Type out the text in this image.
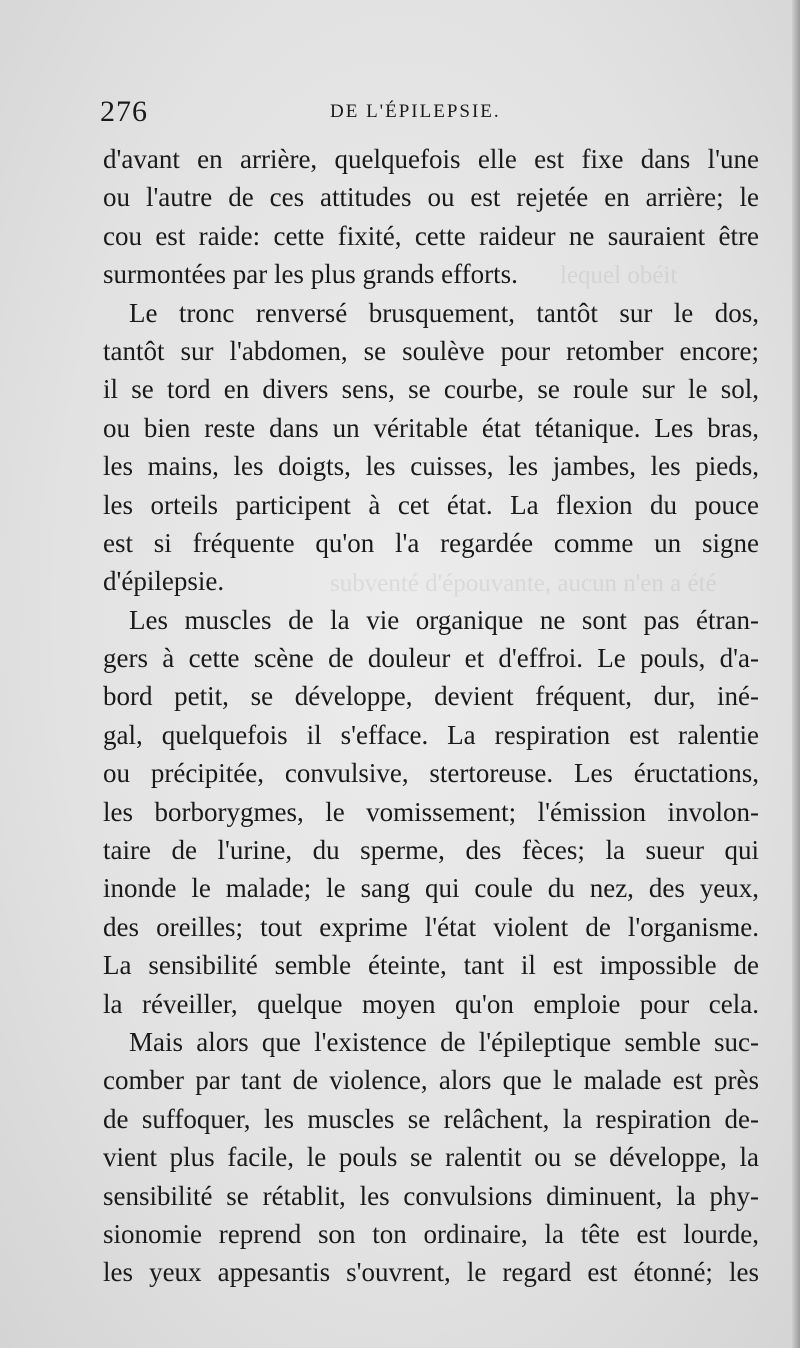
lequel obéit
subventé d'épouvante, aucun n'en a été
276	DE L'ÉPILEPSIE.
d'avant en arrière, quelquefois elle est fixe dans l'une
ou l'autre de ces attitudes ou est rejetée en arrière; le
cou est raide: cette fixité, cette raideur ne sauraient être
surmontées par les plus grands efforts.
Le tronc renversé brusquement, tantôt sur le dos,
tantôt sur l'abdomen, se soulève pour retomber encore;
il se tord en divers sens, se courbe, se roule sur le sol,
ou bien reste dans un véritable état tétanique. Les bras,
les mains, les doigts, les cuisses, les jambes, les pieds,
les orteils participent à cet état. La flexion du pouce
est si fréquente qu'on l'a regardée comme un signe
d'épilepsie.
Les muscles de la vie organique ne sont pas étran-
gers à cette scène de douleur et d'effroi. Le pouls, d'a-
bord petit, se développe, devient fréquent, dur, iné-
gal, quelquefois il s'efface. La respiration est ralentie
ou précipitée, convulsive, stertoreuse. Les éructations,
les borborygmes, le vomissement; l'émission involon-
taire de l'urine, du sperme, des fèces; la sueur qui
inonde le malade; le sang qui coule du nez, des yeux,
des oreilles; tout exprime l'état violent de l'organisme.
La sensibilité semble éteinte, tant il est impossible de
la réveiller, quelque moyen qu'on emploie pour cela.
Mais alors que l'existence de l'épileptique semble suc-
comber par tant de violence, alors que le malade est près
de suffoquer, les muscles se relâchent, la respiration de-
vient plus facile, le pouls se ralentit ou se développe, la
sensibilité se rétablit, les convulsions diminuent, la phy-
sionomie reprend son ton ordinaire, la tête est lourde,
les yeux appesantis s'ouvrent, le regard est étonné; les
